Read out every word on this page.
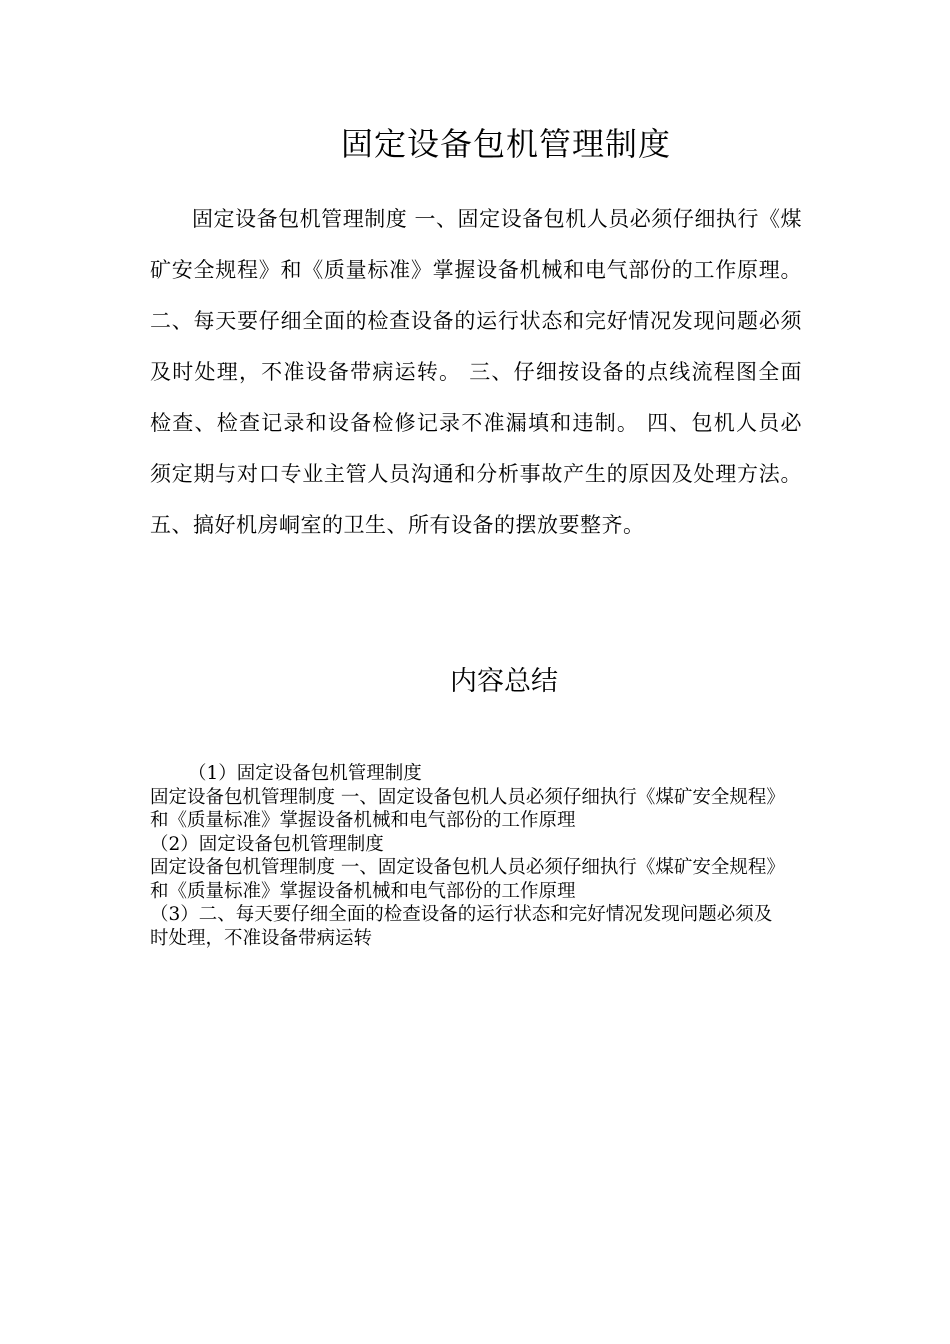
固定设备包机管理制度

固定设备包机管理制度 一、固定设备包机人员必须仔细执行《煤矿安全规程》和《质量标准》掌握设备机械和电气部份的工作原理。 二、每天要仔细全面的检查设备的运行状态和完好情况发现问题必须及时处理，不准设备带病运转。 三、仔细按设备的点线流程图全面检查、检查记录和设备检修记录不准漏填和违制。 四、包机人员必须定期与对口专业主管人员沟通和分析事故产生的原因及处理方法。 五、搞好机房峒室的卫生、所有设备的摆放要整齐。

内容总结

（1）固定设备包机管理制度

固定设备包机管理制度 一、固定设备包机人员必须仔细执行《煤矿安全规程》和《质量标准》掌握设备机械和电气部份的工作原理

（2）固定设备包机管理制度

固定设备包机管理制度 一、固定设备包机人员必须仔细执行《煤矿安全规程》和《质量标准》掌握设备机械和电气部份的工作原理

（3）二、每天要仔细全面的检查设备的运行状态和完好情况发现问题必须及时处理，不准设备带病运转
